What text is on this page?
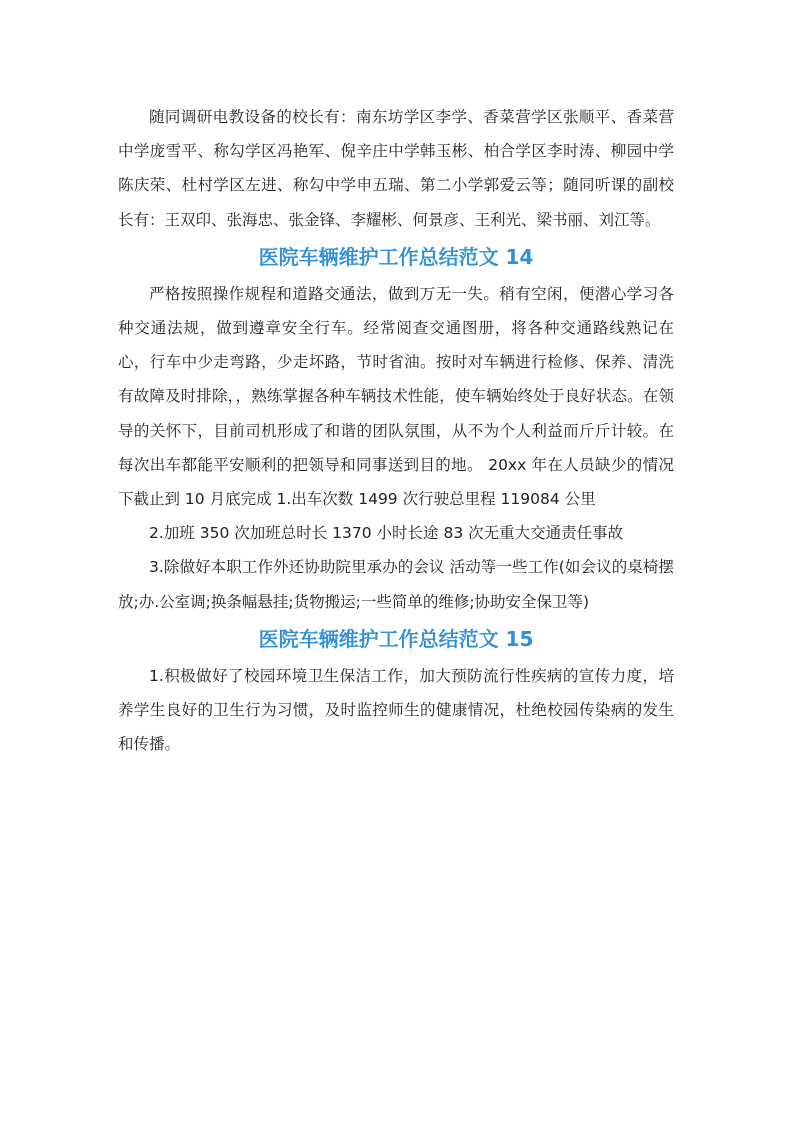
随同调研电教设备的校长有：南东坊学区李学、香菜营学区张顺平、香菜营中学庞雪平、称勾学区冯艳军、倪辛庄中学韩玉彬、柏合学区李时涛、柳园中学陈庆荣、杜村学区左进、称勾中学申五瑞、第二小学郭爱云等；随同听课的副校长有：王双印、张海忠、张金锋、李耀彬、何景彦、王利光、梁书丽、刘江等。

医院车辆维护工作总结范文 14

严格按照操作规程和道路交通法，做到万无一失。稍有空闲，便潜心学习各种交通法规，做到遵章安全行车。经常阅查交通图册，将各种交通路线熟记在心，行车中少走弯路，少走坏路，节时省油。按时对车辆进行检修、保养、清洗有故障及时排除，，熟练掌握各种车辆技术性能，使车辆始终处于良好状态。在领导的关怀下，目前司机形成了和谐的团队氛围，从不为个人利益而斤斤计较。在每次出车都能平安顺利的把领导和同事送到目的地。 20xx 年在人员缺少的情况下截止到 10 月底完成 1.出车次数 1499 次行驶总里程 119084 公里

2.加班 350 次加班总时长 1370 小时长途 83 次无重大交通责任事故

3.除做好本职工作外还协助院里承办的会议 活动等一些工作(如会议的桌椅摆放;办.公室调;换条幅悬挂;货物搬运;一些简单的维修;协助安全保卫等)

医院车辆维护工作总结范文 15

1.积极做好了校园环境卫生保洁工作，加大预防流行性疾病的宣传力度，培养学生良好的卫生行为习惯，及时监控师生的健康情况，杜绝校园传染病的发生和传播。
